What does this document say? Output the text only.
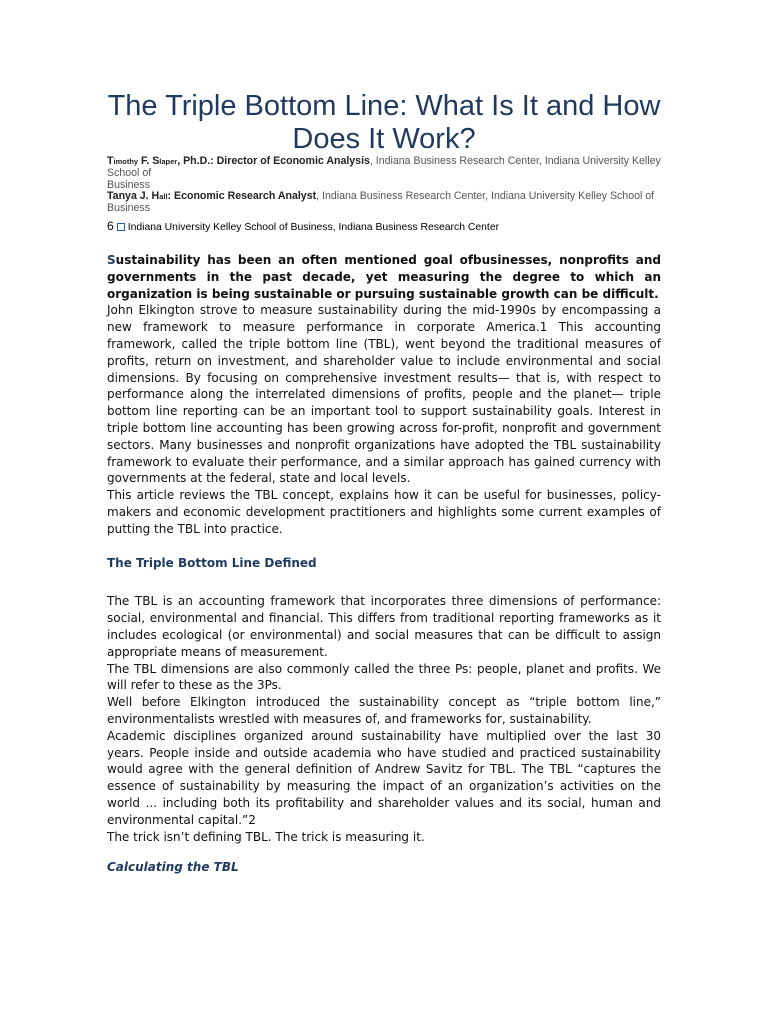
The Triple Bottom Line: What Is It and How Does It Work?
Timothy F. Slaper, Ph.D.: Director of Economic Analysis, Indiana Business Research Center, Indiana University Kelley School of
Business
Tanya J. Hall: Economic Research Analyst, Indiana Business Research Center, Indiana University Kelley School of Business
6 Indiana University Kelley School of Business, Indiana Business Research Center

Sustainability has been an often mentioned goal ofbusinesses, nonprofits and governments in the past decade, yet measuring the degree to which an organization is being sustainable or pursuing sustainable growth can be difficult.

John Elkington strove to measure sustainability during the mid-1990s by encompassing a new framework to measure performance in corporate America.1 This accounting framework, called the triple bottom line (TBL), went beyond the traditional measures of profits, return on investment, and shareholder value to include environmental and social dimensions. By focusing on comprehensive investment results— that is, with respect to performance along the interrelated dimensions of profits, people and the planet— triple bottom line reporting can be an important tool to support sustainability goals. Interest in triple bottom line accounting has been growing across for-profit, nonprofit and government sectors. Many businesses and nonprofit organizations have adopted the TBL sustainability framework to evaluate their performance, and a similar approach has gained currency with governments at the federal, state and local levels.

This article reviews the TBL concept, explains how it can be useful for businesses, policy-makers and economic development practitioners and highlights some current examples of putting the TBL into practice.

The Triple Bottom Line Defined

The TBL is an accounting framework that incorporates three dimensions of performance: social, environmental and financial. This differs from traditional reporting frameworks as it includes ecological (or environmental) and social measures that can be difficult to assign appropriate means of measurement.

The TBL dimensions are also commonly called the three Ps: people, planet and profits. We will refer to these as the 3Ps.

Well before Elkington introduced the sustainability concept as “triple bottom line,” environmentalists wrestled with measures of, and frameworks for, sustainability.

Academic disciplines organized around sustainability have multiplied over the last 30 years. People inside and outside academia who have studied and practiced sustainability would agree with the general definition of Andrew Savitz for TBL. The TBL “captures the essence of sustainability by measuring the impact of an organization’s activities on the world ... including both its profitability and shareholder values and its social, human and environmental capital.”2

The trick isn’t defining TBL. The trick is measuring it.

Calculating the TBL
